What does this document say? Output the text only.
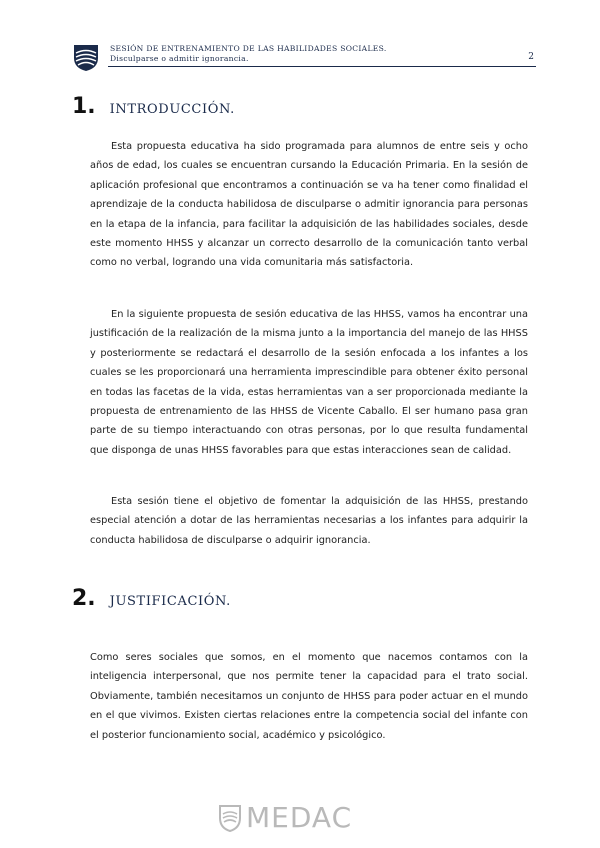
SESIÓN DE ENTRENAMIENTO DE LAS HABILIDADES SOCIALES.
Disculparse o admitir ignorancia.	2
1. INTRODUCCIÓN.

Esta propuesta educativa ha sido programada para alumnos de entre seis y ocho años de edad, los cuales se encuentran cursando la Educación Primaria. En la sesión de aplicación profesional que encontramos a continuación se va ha tener como finalidad el aprendizaje de la conducta habilidosa de disculparse o admitir ignorancia para personas en la etapa de la infancia, para facilitar la adquisición de las habilidades sociales, desde este momento HHSS y alcanzar un correcto desarrollo de la comunicación tanto verbal como no verbal, logrando una vida comunitaria más satisfactoria.

En la siguiente propuesta de sesión educativa de las HHSS, vamos ha encontrar una justificación de la realización de la misma junto a la importancia del manejo de las HHSS y posteriormente se redactará el desarrollo de la sesión enfocada a los infantes a los cuales se les proporcionará una herramienta imprescindible para obtener éxito personal en todas las facetas de la vida, estas herramientas van a ser proporcionada mediante la propuesta de entrenamiento de las HHSS de Vicente Caballo. El ser humano pasa gran parte de su tiempo interactuando con otras personas, por lo que resulta fundamental que disponga de unas HHSS favorables para que estas interacciones sean de calidad.

Esta sesión tiene el objetivo de fomentar la adquisición de las HHSS, prestando especial atención a dotar de las herramientas necesarias a los infantes para adquirir la conducta habilidosa de disculparse o adquirir ignorancia.

2. JUSTIFICACIÓN.

Como seres sociales que somos, en el momento que nacemos contamos con la inteligencia interpersonal, que nos permite tener la capacidad para el trato social. Obviamente, también necesitamos un conjunto de HHSS para poder actuar en el mundo en el que vivimos. Existen ciertas relaciones entre la competencia social del infante con el posterior funcionamiento social, académico y psicológico.

MEDAC
